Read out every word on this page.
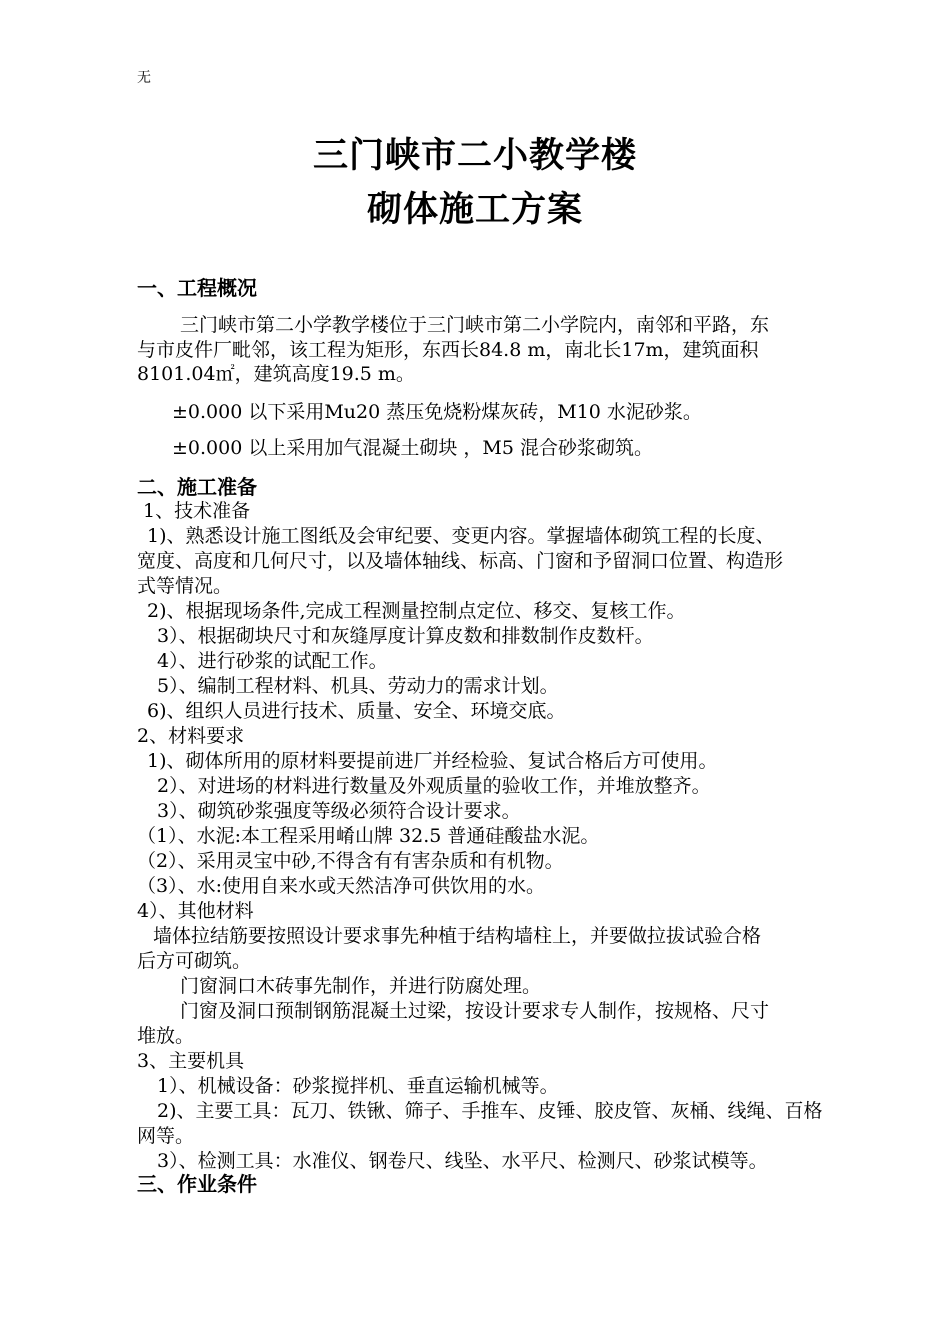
无
三门峡市二小教学楼
砌体施工方案
一、工程概况
三门峡市第二小学教学楼位于三门峡市第二小学院内，南邻和平路，东
与市皮件厂毗邻，该工程为矩形，东西长84.8 m，南北长17m，建筑面积
8101.04㎡，建筑高度19.5 m。
±0.000 以下采用Mu20 蒸压免烧粉煤灰砖，M10 水泥砂浆。
±0.000 以上采用加气混凝土砌块 ，M5 混合砂浆砌筑。
二、施工准备
1、技术准备
1)、熟悉设计施工图纸及会审纪要、变更内容。掌握墙体砌筑工程的长度、
宽度、高度和几何尺寸，以及墙体轴线、标高、门窗和予留洞口位置、构造形
式等情况。
2)、根据现场条件,完成工程测量控制点定位、移交、复核工作。
3）、根据砌块尺寸和灰缝厚度计算皮数和排数制作皮数杆。
4）、进行砂浆的试配工作。
5）、编制工程材料、机具、劳动力的需求计划。
6)、组织人员进行技术、质量、安全、环境交底。
2、材料要求
1)、砌体所用的原材料要提前进厂并经检验、复试合格后方可使用。
2）、对进场的材料进行数量及外观质量的验收工作，并堆放整齐。
3）、砌筑砂浆强度等级必须符合设计要求。
（1）、水泥:本工程采用崤山牌 32.5 普通硅酸盐水泥。
（2）、采用灵宝中砂,不得含有有害杂质和有机物。
（3）、水:使用自来水或天然洁净可供饮用的水。
4）、其他材料
墙体拉结筋要按照设计要求事先种植于结构墙柱上，并要做拉拔试验合格
后方可砌筑。
门窗洞口木砖事先制作，并进行防腐处理。
门窗及洞口预制钢筋混凝土过梁，按设计要求专人制作，按规格、尺寸
堆放。
3、主要机具
1）、机械设备：砂浆搅拌机、垂直运输机械等。
2)、主要工具：瓦刀、铁锹、筛子、手推车、皮锤、胶皮管、灰桶、线绳、百格
网等。
3）、检测工具：水准仪、钢卷尺、线坠、水平尺、检测尺、砂浆试模等。
三、作业条件
